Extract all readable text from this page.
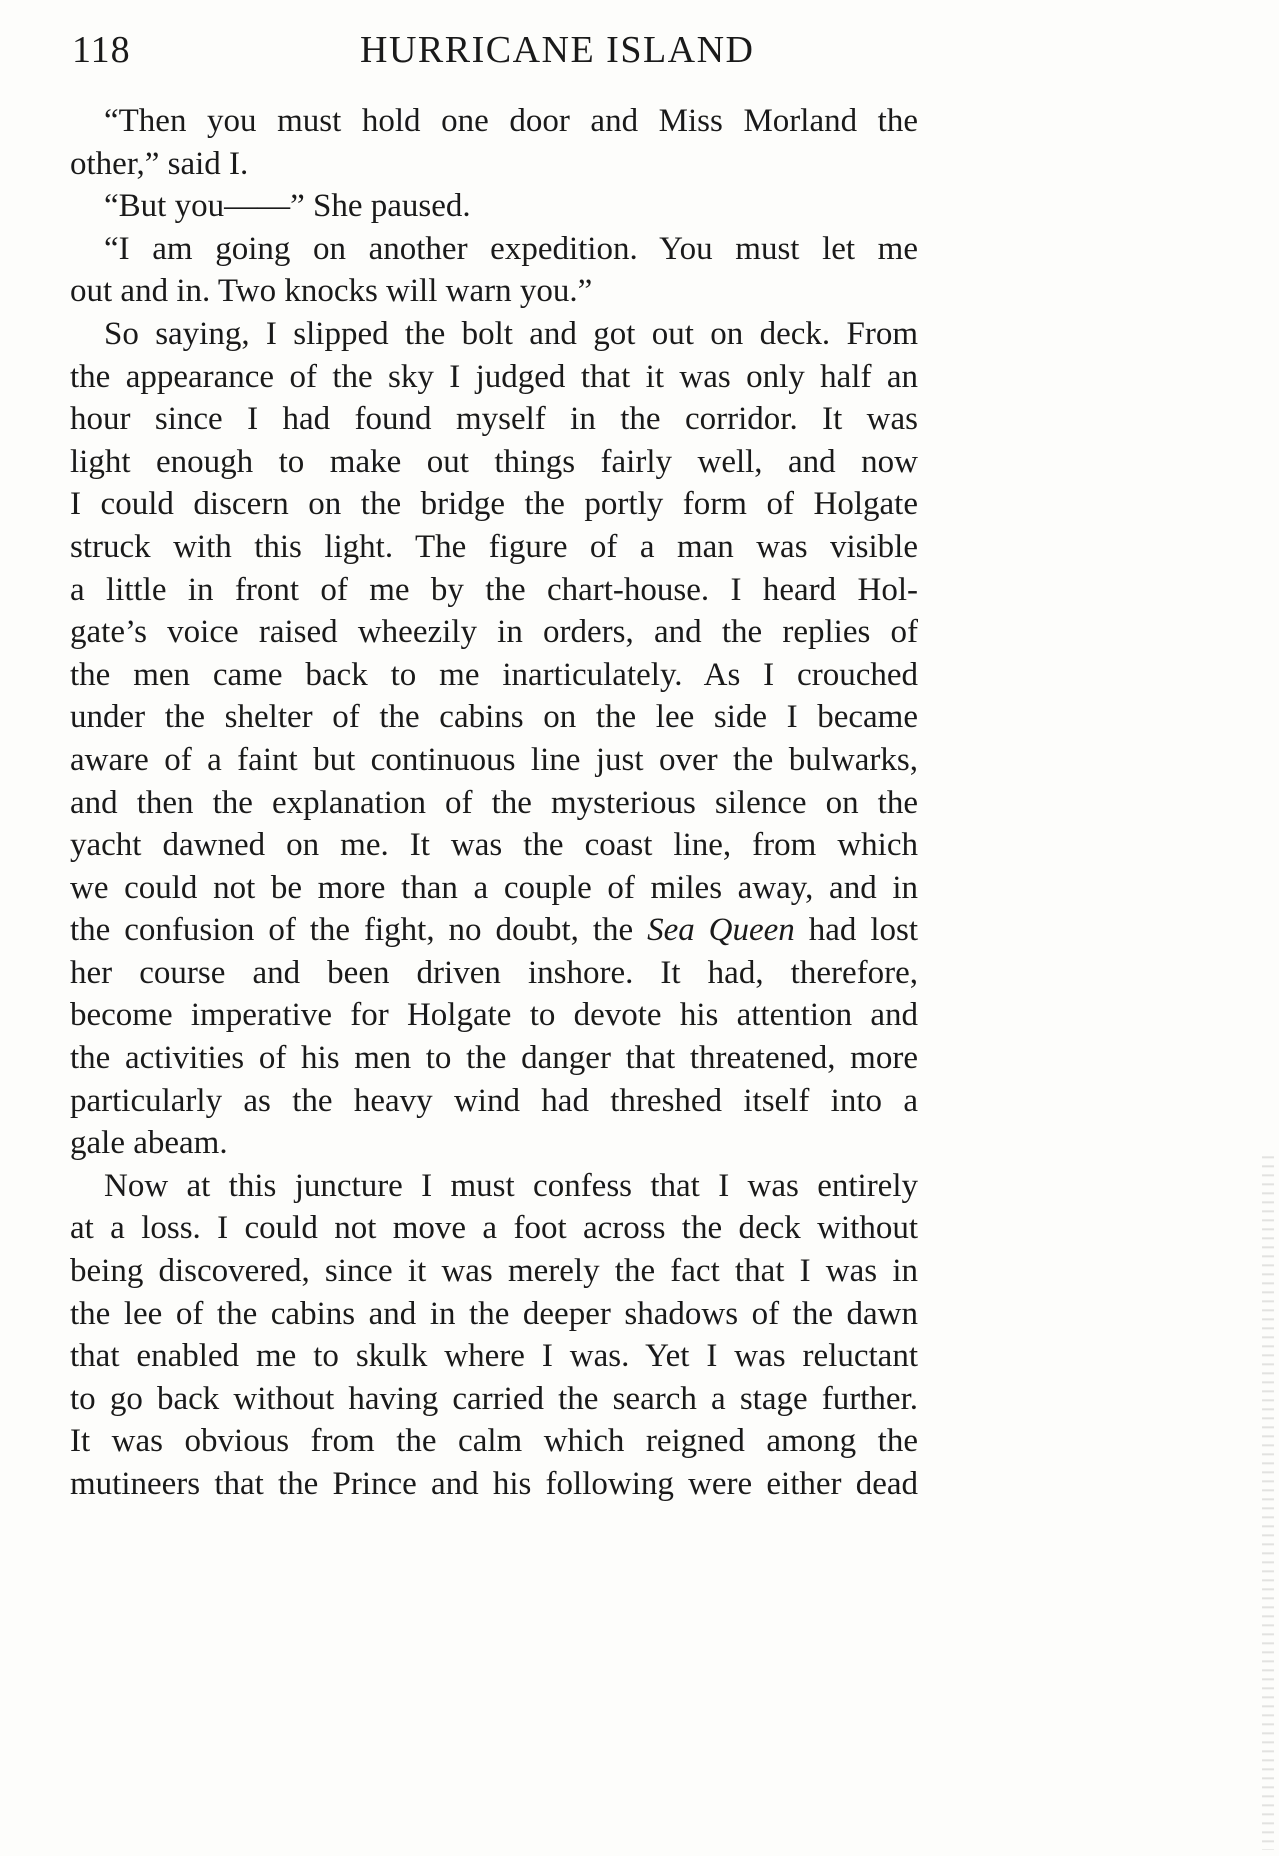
118	HURRICANE ISLAND
“Then you must hold one door and Miss Morland the
other,” said I.
“But you——” She paused.
“I am going on another expedition. You must let me
out and in. Two knocks will warn you.”
So saying, I slipped the bolt and got out on deck. From
the appearance of the sky I judged that it was only half an
hour since I had found myself in the corridor. It was
light enough to make out things fairly well, and now
I could discern on the bridge the portly form of Holgate
struck with this light. The figure of a man was visible
a little in front of me by the chart-house. I heard Hol-
gate’s voice raised wheezily in orders, and the replies of
the men came back to me inarticulately. As I crouched
under the shelter of the cabins on the lee side I became
aware of a faint but continuous line just over the bulwarks,
and then the explanation of the mysterious silence on the
yacht dawned on me. It was the coast line, from which
we could not be more than a couple of miles away, and in
the confusion of the fight, no doubt, the Sea Queen had lost
her course and been driven inshore. It had, therefore,
become imperative for Holgate to devote his attention and
the activities of his men to the danger that threatened, more
particularly as the heavy wind had threshed itself into a
gale abeam.
Now at this juncture I must confess that I was entirely
at a loss. I could not move a foot across the deck without
being discovered, since it was merely the fact that I was in
the lee of the cabins and in the deeper shadows of the dawn
that enabled me to skulk where I was. Yet I was reluctant
to go back without having carried the search a stage further.
It was obvious from the calm which reigned among the
mutineers that the Prince and his following were either dead
